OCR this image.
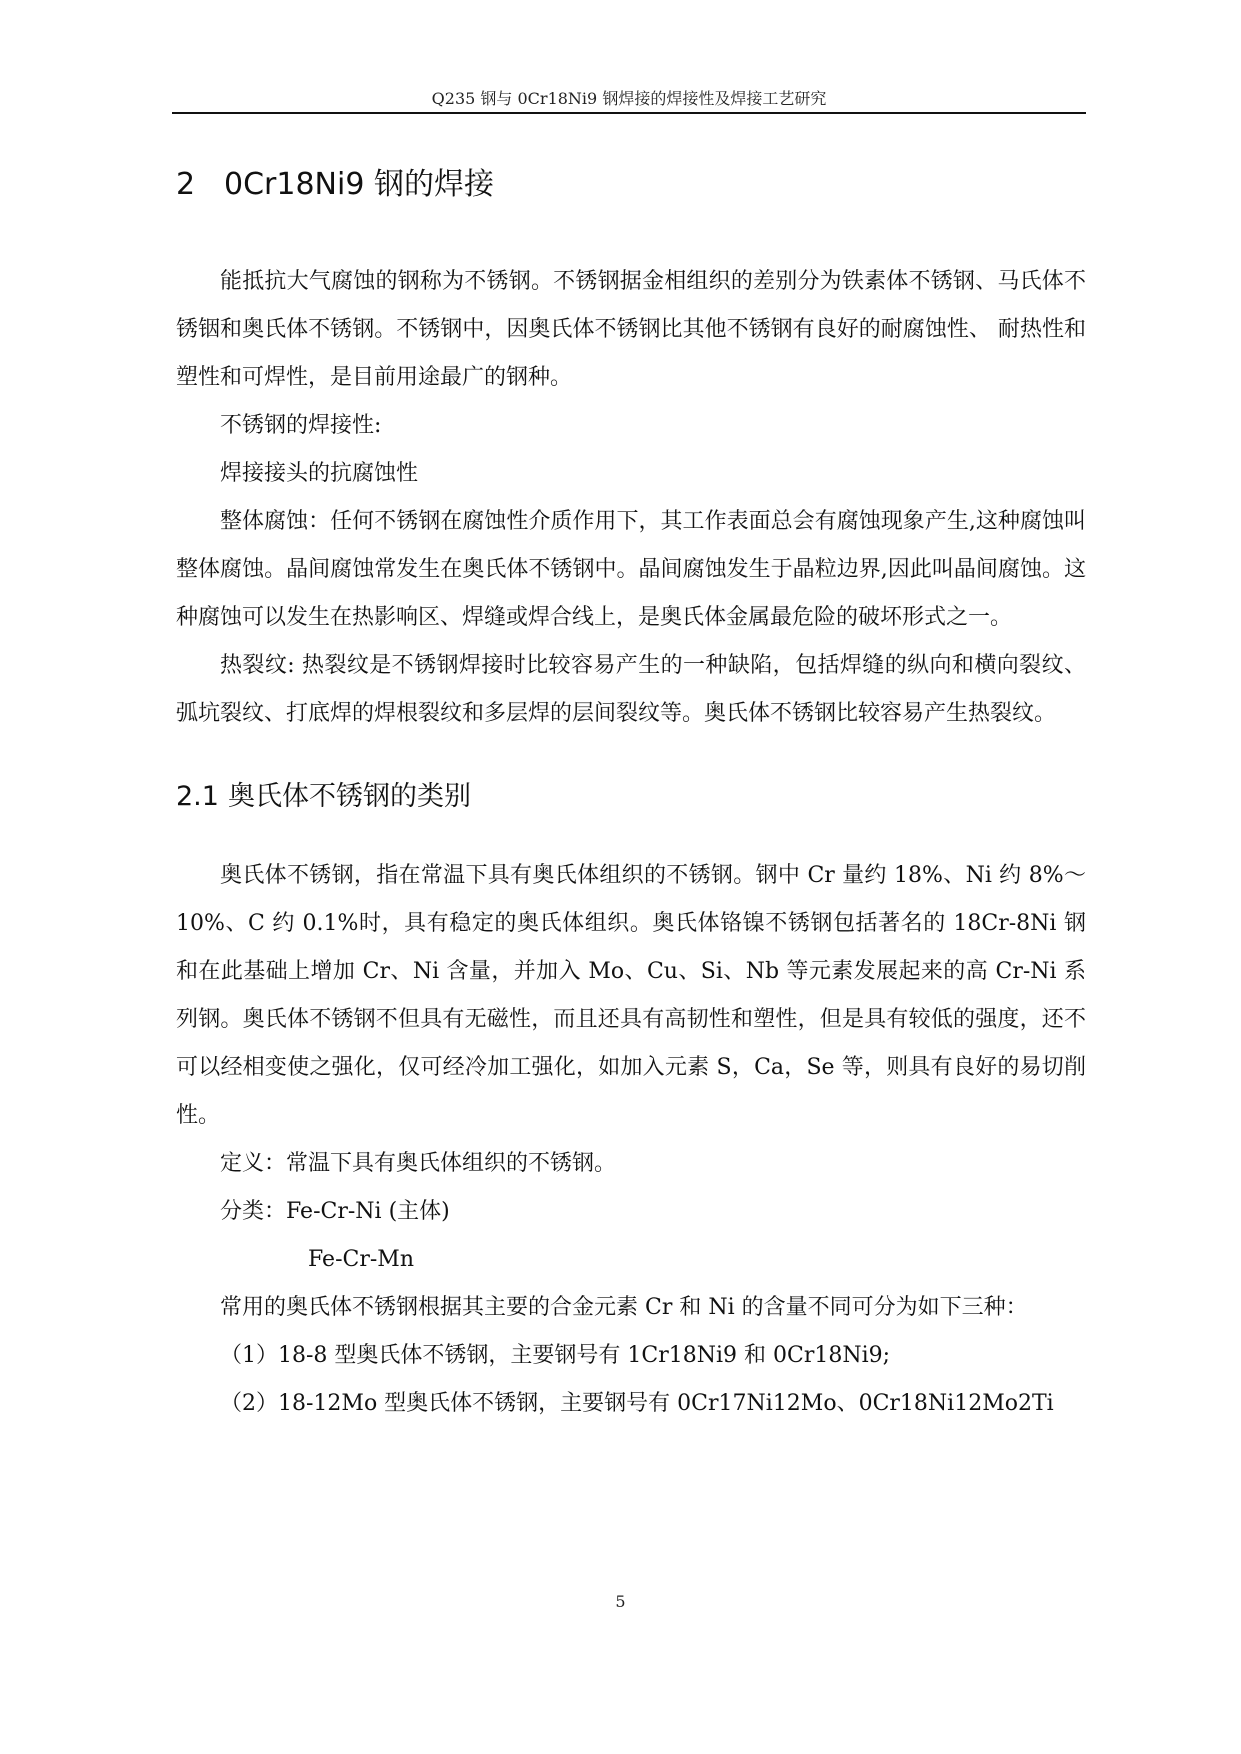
Q235 钢与 0Cr18Ni9 钢焊接的焊接性及焊接工艺研究
2 0Cr18Ni9 钢的焊接

能抵抗大气腐蚀的钢称为不锈钢。不锈钢据金相组织的差别分为铁素体不锈钢、马氏体不锈铟和奥氏体不锈钢。不锈钢中，因奥氏体不锈钢比其他不锈钢有良好的耐腐蚀性、 耐热性和塑性和可焊性，是目前用途最广的钢种。

不锈钢的焊接性:

焊接接头的抗腐蚀性

整体腐蚀：任何不锈钢在腐蚀性介质作用下，其工作表面总会有腐蚀现象产生,这种腐蚀叫整体腐蚀。晶间腐蚀常发生在奥氏体不锈钢中。晶间腐蚀发生于晶粒边界,因此叫晶间腐蚀。这种腐蚀可以发生在热影响区、焊缝或焊合线上，是奥氏体金属最危险的破坏形式之一。

热裂纹: 热裂纹是不锈钢焊接时比较容易产生的一种缺陷，包括焊缝的纵向和横向裂纹、弧坑裂纹、打底焊的焊根裂纹和多层焊的层间裂纹等。奥氏体不锈钢比较容易产生热裂纹。

2.1 奥氏体不锈钢的类别

奥氏体不锈钢，指在常温下具有奥氏体组织的不锈钢。钢中 Cr 量约 18%、Ni 约 8%～10%、C 约 0.1%时，具有稳定的奥氏体组织。奥氏体铬镍不锈钢包括著名的 18Cr-8Ni 钢和在此基础上增加 Cr、Ni 含量，并加入 Mo、Cu、Si、Nb 等元素发展起来的高 Cr-Ni 系列钢。奥氏体不锈钢不但具有无磁性，而且还具有高韧性和塑性，但是具有较低的强度，还不可以经相变使之强化，仅可经冷加工强化，如加入元素 S，Ca，Se 等，则具有良好的易切削性。

定义：常温下具有奥氏体组织的不锈钢。

分类：Fe-Cr-Ni (主体)

Fe-Cr-Mn

常用的奥氏体不锈钢根据其主要的合金元素 Cr 和 Ni 的含量不同可分为如下三种：

（1）18-8 型奥氏体不锈钢，主要钢号有 1Cr18Ni9 和 0Cr18Ni9;

（2）18-12Mo 型奥氏体不锈钢，主要钢号有 0Cr17Ni12Mo、0Cr18Ni12Mo2Ti

5
